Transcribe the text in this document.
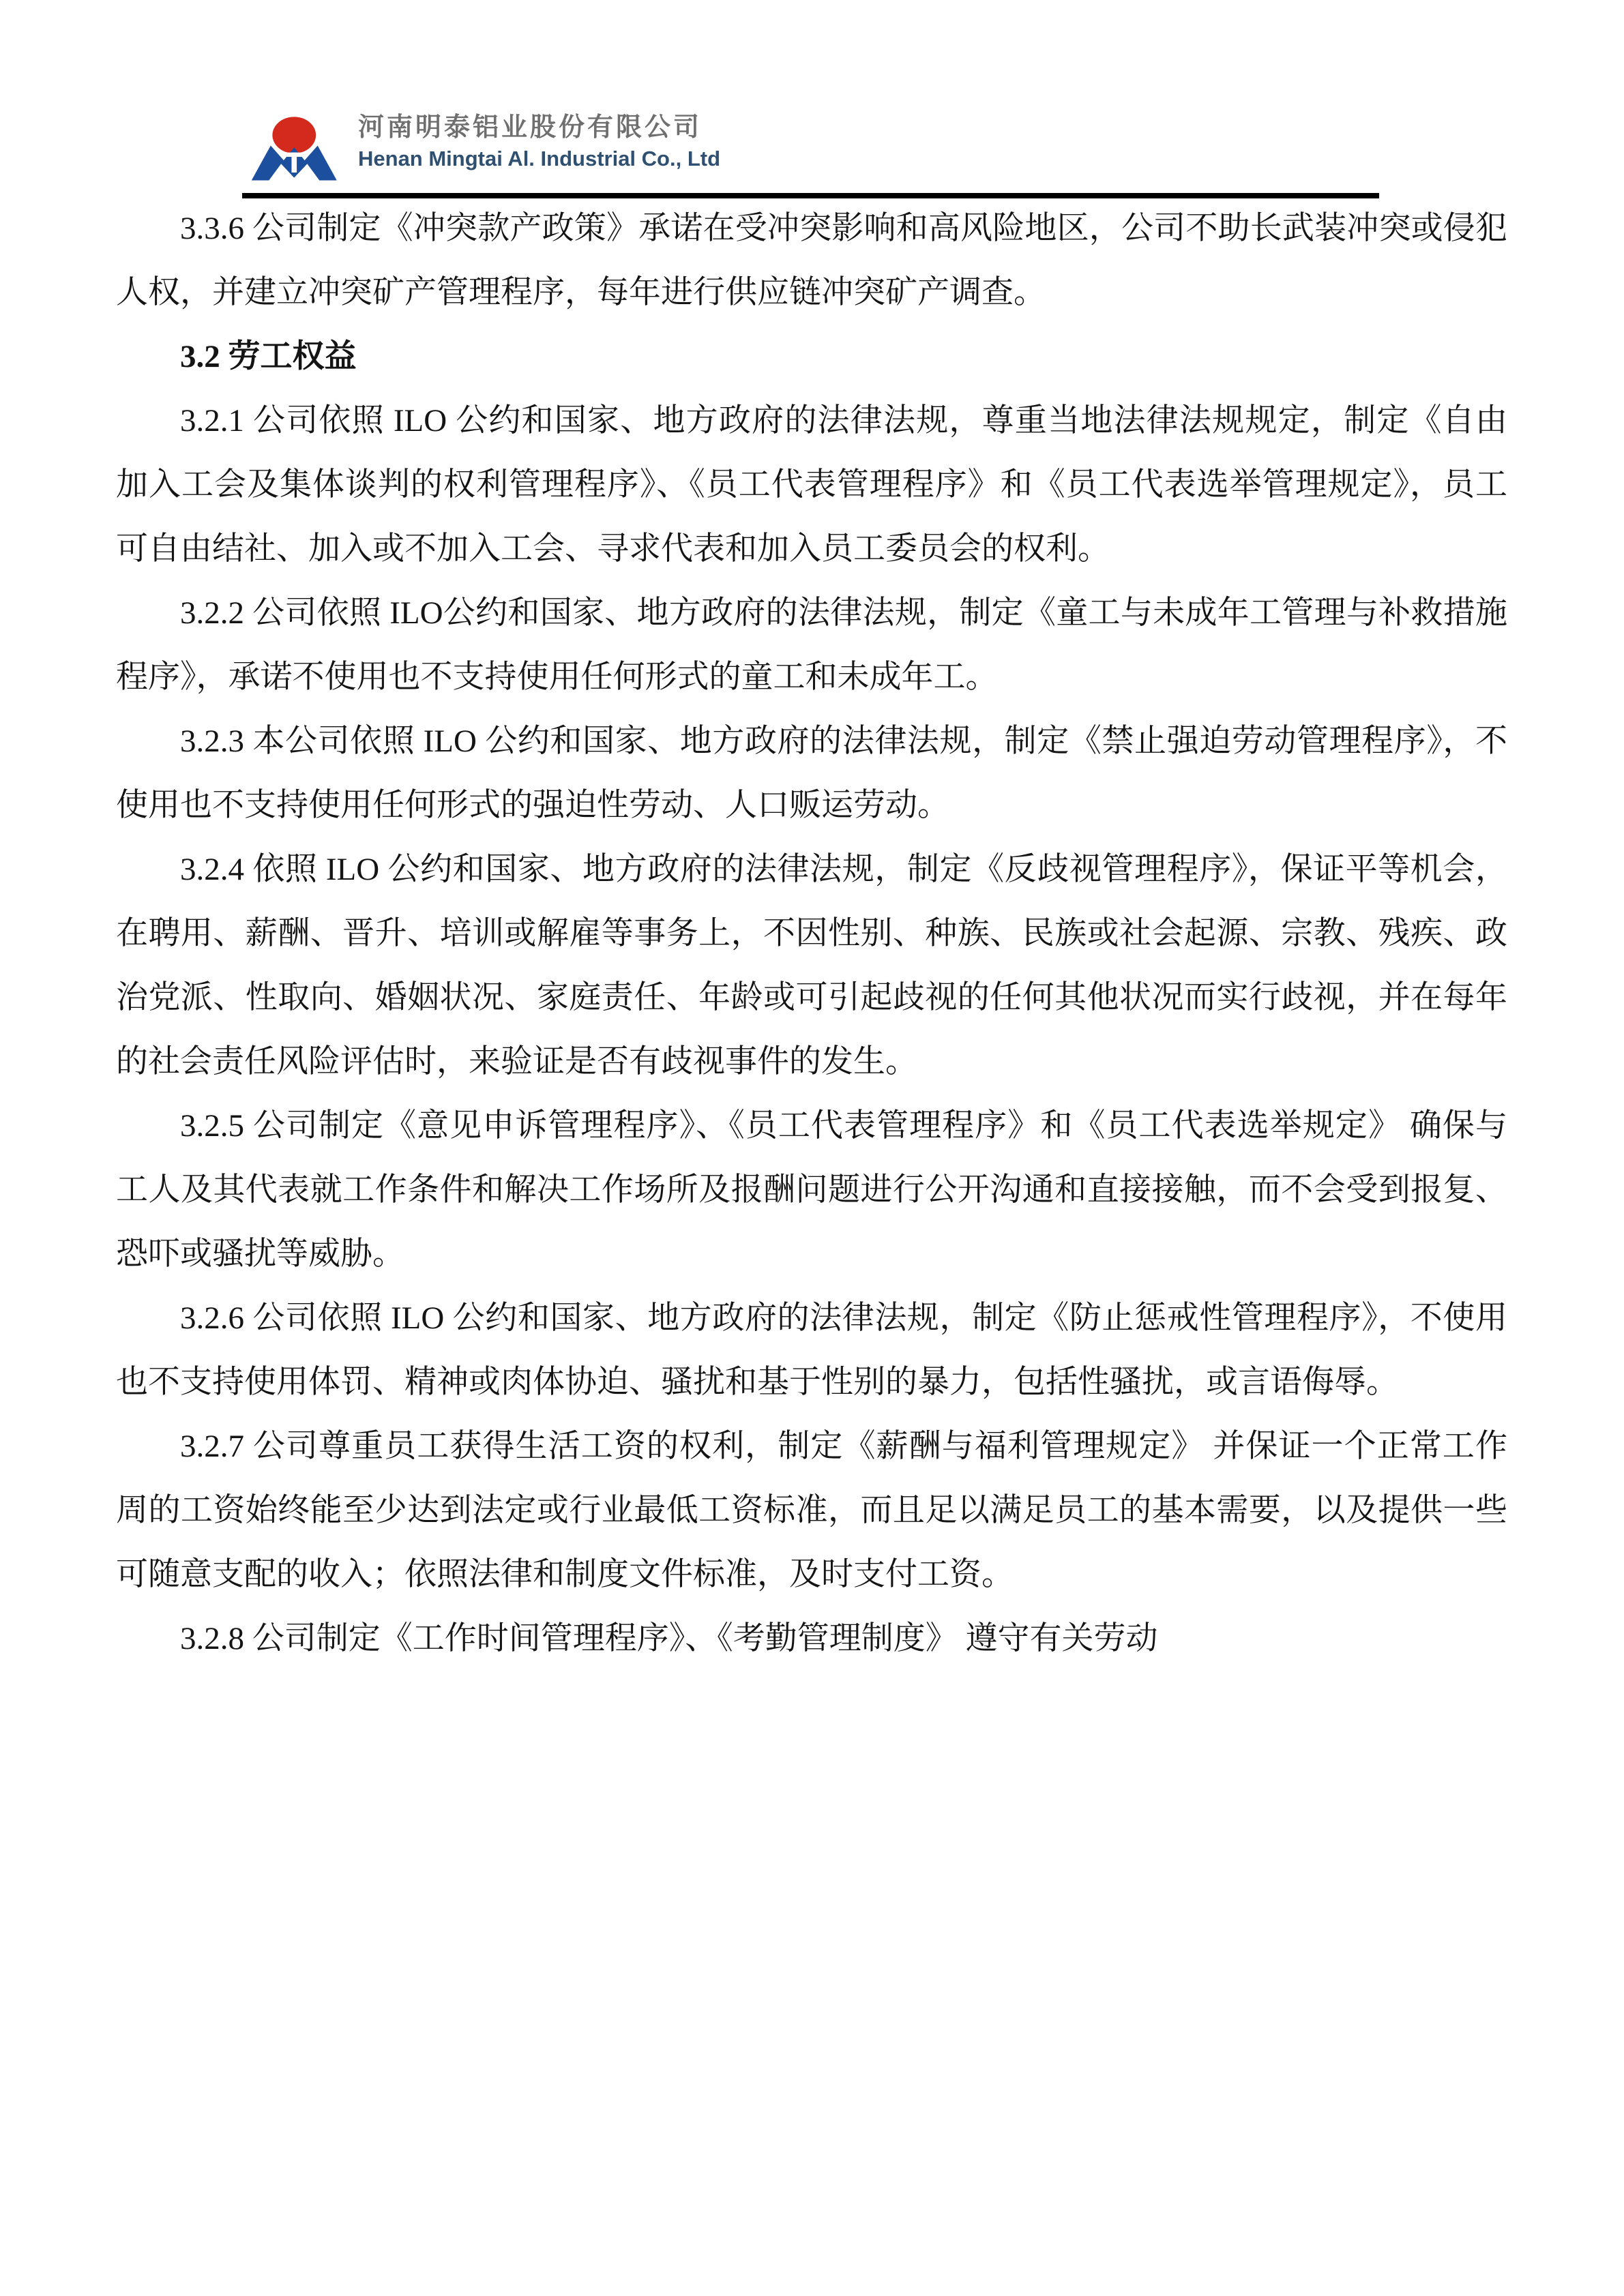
河南明泰铝业股份有限公司
Henan Mingtai Al. Industrial Co., Ltd

3.3.6 公司制定《冲突款产政策》承诺在受冲突影响和高风险地区，公司不助长武装冲突或侵犯人权，并建立冲突矿产管理程序，每年进行供应链冲突矿产调查。

3.2 劳工权益

3.2.1 公司依照 ILO 公约和国家、地方政府的法律法规，尊重当地法律法规规定，制定《自由加入工会及集体谈判的权利管理程序》、《员工代表管理程序》和《员工代表选举管理规定》，员工可自由结社、加入或不加入工会、寻求代表和加入员工委员会的权利。

3.2.2 公司依照 ILO公约和国家、地方政府的法律法规，制定《童工与未成年工管理与补救措施程序》，承诺不使用也不支持使用任何形式的童工和未成年工。

3.2.3 本公司依照 ILO 公约和国家、地方政府的法律法规，制定《禁止强迫劳动管理程序》，不使用也不支持使用任何形式的强迫性劳动、人口贩运劳动。

3.2.4 依照 ILO 公约和国家、地方政府的法律法规，制定《反歧视管理程序》，保证平等机会，在聘用、薪酬、晋升、培训或解雇等事务上，不因性别、种族、民族或社会起源、宗教、残疾、政治党派、性取向、婚姻状况、家庭责任、年龄或可引起歧视的任何其他状况而实行歧视，并在每年的社会责任风险评估时，来验证是否有歧视事件的发生。

3.2.5 公司制定《意见申诉管理程序》、《员工代表管理程序》和《员工代表选举规定》 确保与工人及其代表就工作条件和解决工作场所及报酬问题进行公开沟通和直接接触，而不会受到报复、恐吓或骚扰等威胁。

3.2.6 公司依照 ILO 公约和国家、地方政府的法律法规，制定《防止惩戒性管理程序》，不使用也不支持使用体罚、精神或肉体协迫、骚扰和基于性别的暴力，包括性骚扰，或言语侮辱。

3.2.7 公司尊重员工获得生活工资的权利，制定《薪酬与福利管理规定》 并保证一个正常工作周的工资始终能至少达到法定或行业最低工资标准，而且足以满足员工的基本需要，以及提供一些可随意支配的收入；依照法律和制度文件标准，及时支付工资。

3.2.8 公司制定《工作时间管理程序》、《考勤管理制度》 遵守有关劳动
